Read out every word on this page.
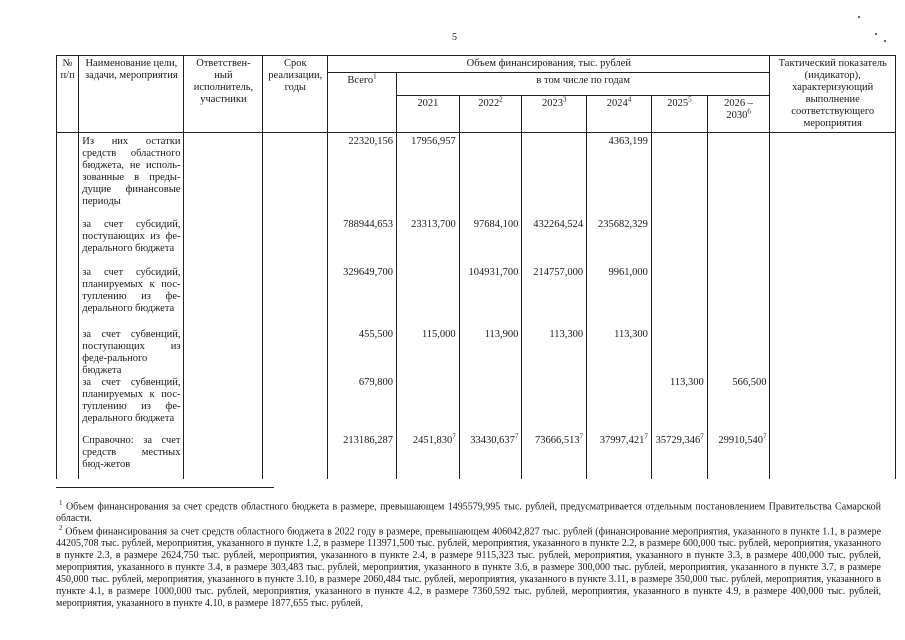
5
№ п/п	Наименование цели, задачи, мероприятия	Ответствен-ный исполнитель, участники	Срок реализации, годы	Объем финансирования, тыс. рублей							Тактический показатель (индикатор), характеризующий выполнение соответствующего мероприятия
				Всего$^1$	в том числе по годам						
					2021	2022$^2$	2023$^3$	2024$^4$	2025$^5$	2026 – 2030$^6$
	Из них остатки средств областного бюджета, не исполь-зованные в преды-дущие финансовые периоды			22320,156	17956,957			4363,199			
	за счет субсидий, поступающих из фе-дерального бюджета			788944,653	23313,700	97684,100	432264,524	235682,329			
	за счет субсидий, планируемых к пос-туплению из фе-дерального бюджета			329649,700		104931,700	214757,000	9961,000			
	за счет субвенций, поступающих из феде-рального бюджета			455,500	115,000	113,900	113,300	113,300			
	за счет субвенций, планируемых к пос-туплению из фе-дерального бюджета			679,800					113,300	566,500	
	Справочно: за счет средств местных бюд-жетов			213186,287	2451,830$^7$	33430,637$^7$	73666,513$^7$	37997,421$^7$	35729,346$^7$	29910,540$^7$	
$^1$ Объем финансирования за счет средств областного бюджета в размере, превышающем 1495579,995 тыс. рублей, предусматривается отдельным постановлением Правительства Самарской области.
$^2$ Объем финансирования за счет средств областного бюджета в 2022 году в размере, превышающем 406042,827 тыс. рублей (финансирование мероприятия, указанного в пункте 1.1, в размере 44205,708 тыс. рублей, мероприятия, указанного в пункте 1.2, в размере 113971,500 тыс. рублей, мероприятия, указанного в пункте 2.2, в размере 600,000 тыс. рублей, мероприятия, указанного в пункте 2.3, в размере 2624,750 тыс. рублей, мероприятия, указанного в пункте 2.4, в размере 9115,323 тыс. рублей, мероприятия, указанного в пункте 3.3, в размере 400,000 тыс. рублей, мероприятия, указанного в пункте 3.4, в размере 303,483 тыс. рублей, мероприятия, указанного в пункте 3.6, в размере 300,000 тыс. рублей, мероприятия, указанного в пункте 3.7, в размере 450,000 тыс. рублей, мероприятия, указанного в пункте 3.10, в размере 2060,484 тыс. рублей, мероприятия, указанного в пункте 3.11, в размере 350,000 тыс. рублей, мероприятия, указанного в пункте 4.1, в размере 1000,000 тыс. рублей, мероприятия, указанного в пункте 4.2, в размере 7360,592 тыс. рублей, мероприятия, указанного в пункте 4.9, в размере 400,000 тыс. рублей, мероприятия, указанного в пункте 4.10, в размере 1877,655 тыс. рублей,
